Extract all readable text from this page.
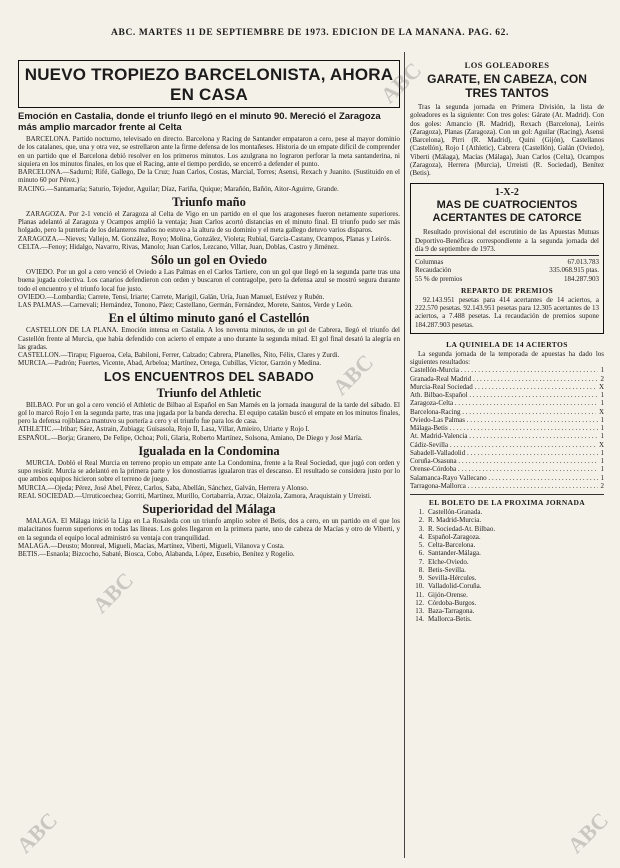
ABC. MARTES 11 DE SEPTIEMBRE DE 1973. EDICION DE LA MAÑANA. PAG. 62.
NUEVO TROPIEZO BARCELONISTA, AHORA EN CASA
Emoción en Castalia, donde el triunfo llegó en el minuto 90. Mereció el Zaragoza más amplio marcador frente al Celta

BARCELONA. Partido nocturno, televisado en directo. Barcelona y Racing de Santander empataron a cero, pese al mayor dominio de los catalanes, que, una y otra vez, se estrellaron ante la firme defensa de los montañeses. Historia de un empate difícil de comprender en un partido que el Barcelona debió resolver en los primeros minutos. Los azulgrana no lograron perforar la meta santanderina, ni siquiera en los minutos finales, en los que el Racing, ante el tiempo perdido, se encerró a defender el punto.

BARCELONA.—Sadurní; Rifé, Gallego, De la Cruz; Juan Carlos, Costas, Marcial, Torres; Asensi, Rexach y Juanito. (Sustituido en el minuto 60 por Pérez.)

RACING.—Santamaría; Saturio, Tejedor, Aguilar; Díaz, Fariña, Quique; Marañón, Bañón, Aitor-Aguirre, Grande.

Triunfo maño

ZARAGOZA. Por 2-1 venció el Zaragoza al Celta de Vigo en un partido en el que los aragoneses fueron netamente superiores. Planas adelantó al Zaragoza y Ocampos amplió la ventaja; Juan Carlos acortó distancias en el minuto final. El triunfo pudo ser más holgado, pero la puntería de los delanteros maños no estuvo a la altura de su dominio y el meta gallego detuvo varios disparos.

ZARAGOZA.—Nieves; Vallejo, M. González, Royo; Molina, González, Violeta; Rubial, García-Castany, Ocampos, Planas y Leirós.

CELTA.—Fenoy; Hidalgo, Navarro, Rivas, Manolo; Juan Carlos, Lezcano, Villar, Juan, Doblas, Castro y Jiménez.

Sólo un gol en Oviedo

OVIEDO. Por un gol a cero venció el Oviedo a Las Palmas en el Carlos Tartiere, con un gol que llegó en la segunda parte tras una buena jugada colectiva. Los canarios defendieron con orden y buscaron el contragolpe, pero la defensa azul se mostró segura durante todo el encuentro y el triunfo local fue justo.

OVIEDO.—Lombardía; Carrete, Tensi, Iriarte; Carrete, Marigil, Galán, Uría, Juan Manuel, Estévez y Rubén.

LAS PALMAS.—Carnevali; Hernández, Tonono, Páez; Castellano, Germán, Fernández, Morete, Santos, Verde y León.

En el último minuto ganó el Castellón

CASTELLON DE LA PLANA. Emoción intensa en Castalia. A los noventa minutos, de un gol de Cabrera, llegó el triunfo del Castellón frente al Murcia, que había defendido con acierto el empate a uno durante la segunda mitad. El gol final desató la alegría en las gradas.

CASTELLON.—Tirapu; Figueroa, Cela, Babiloni, Ferrer, Calzado; Cabrera, Planelles, Ñito, Félix, Clares y Zurdi.

MURCIA.—Padrón; Fuertes, Vicente, Abad, Arbeloa; Martínez, Ortega, Cubillas, Víctor, Garzón y Medina.

LOS ENCUENTROS DEL SABADO
Triunfo del Athletic

BILBAO. Por un gol a cero venció el Athletic de Bilbao al Español en San Mamés en la jornada inaugural de la tarde del sábado. El gol lo marcó Rojo I en la segunda parte, tras una jugada por la banda derecha. El equipo catalán buscó el empate en los minutos finales, pero la defensa rojiblanca mantuvo su portería a cero y el triunfo fue para los de casa.

ATHLETIC.—Iribar; Sáez, Astrain, Zubiaga; Guisasola, Rojo II, Lasa, Villar, Amieiro, Uriarte y Rojo I.

ESPAÑOL.—Borja; Granero, De Felipe, Ochoa; Poli, Glaria, Roberto Martínez, Solsona, Amiano, De Diego y José María.

Igualada en la Condomina

MURCIA. Dobló el Real Murcia en terreno propio un empate ante La Condomina, frente a la Real Sociedad, que jugó con orden y supo resistir. Murcia se adelantó en la primera parte y los donostiarras igualaron tras el descanso. El resultado se considera justo por lo que ambos equipos hicieron sobre el terreno de juego.

MURCIA.—Ojeda; Pérez, José Abel, Pérez, Carlos, Saba, Abellán, Sánchez, Galván, Herrera y Alonso.

REAL SOCIEDAD.—Urruticoechea; Gorriti, Martínez, Murillo, Cortabarría, Arzac, Olaizola, Zamora, Araquistain y Urreisti.

Superioridad del Málaga

MALAGA. El Málaga inició la Liga en La Rosaleda con un triunfo amplio sobre el Betis, dos a cero, en un partido en el que los malacitanos fueron superiores en todas las líneas. Los goles llegaron en la primera parte, uno de cabeza de Macías y otro de Viberti, y en la segunda el equipo local administró su ventaja con tranquilidad.

MALAGA.—Deusto; Monreal, Migueli, Macías, Martínez, Viberti, Migueli, Vilanova y Costa.

BETIS.—Esnaola; Bizcocho, Sabaté, Biosca, Cobo, Alabanda, López, Eusebio, Benítez y Rogelio.

LOS GOLEADORES
GARATE, EN CABEZA, CON TRES TANTOS

Tras la segunda jornada en Primera División, la lista de goleadores es la siguiente: Con tres goles: Gárate (At. Madrid). Con dos goles: Amancio (R. Madrid), Rexach (Barcelona), Leirós (Zaragoza), Planas (Zaragoza). Con un gol: Aguilar (Racing), Asensi (Barcelona), Pirri (R. Madrid), Quini (Gijón), Castellanos (Castellón), Rojo I (Athletic), Cabrera (Castellón), Galán (Oviedo), Viberti (Málaga), Macías (Málaga), Juan Carlos (Celta), Ocampos (Zaragoza), Herrera (Murcia), Urreisti (R. Sociedad), Benítez (Betis).

1-X-2
MAS DE CUATROCIENTOS ACERTANTES DE CATORCE

Resultado provisional del escrutinio de las Apuestas Mutuas Deportivo-Benéficas correspondiente a la segunda jornada del día 9 de septiembre de 1973.

Columnas	67.013.783
Recaudación	335.068.915 ptas.
55 % de premios	184.287.903
REPARTO DE PREMIOS

92.143.951 pesetas para 414 acertantes de 14 aciertos, a 222.570 pesetas. 92.143.951 pesetas para 12.305 acertantes de 13 aciertos, a 7.488 pesetas. La recaudación de premios supone 184.287.903 pesetas.

LA QUINIELA DE 14 ACIERTOS

La segunda jornada de la temporada de apuestas ha dado los siguientes resultados:

Castellón-Murcia . . .	1
Granada-Real Madrid . . .	2
Murcia-Real Sociedad . . .	X
Ath. Bilbao-Español . . .	1
Zaragoza-Celta . . .	1
Barcelona-Racing . . .	X
Oviedo-Las Palmas . . .	1
Málaga-Betis . . .	1
At. Madrid-Valencia . . .	1
Cádiz-Sevilla . . .	X
Sabadell-Valladolid . . .	1
Coruña-Osasuna . . .	1
Orense-Córdoba . . .	1
Salamanca-Rayo Vallecano . . .	1
Tarragona-Mallorca . . .	2
EL BOLETO DE LA PROXIMA JORNADA
1. Castellón-Granada.
2. R. Madrid-Murcia.
3. R. Sociedad-At. Bilbao.
4. Español-Zaragoza.
5. Celta-Barcelona.
6. Santander-Málaga.
7. Elche-Oviedo.
8. Betis-Sevilla.
9. Sevilla-Hércules.
10. Valladolid-Coruña.
11. Gijón-Orense.
12. Córdoba-Burgos.
13. Baza-Tarragona.
14. Mallorca-Betis.
ABC
ABC
ABC
ABC	ABC
